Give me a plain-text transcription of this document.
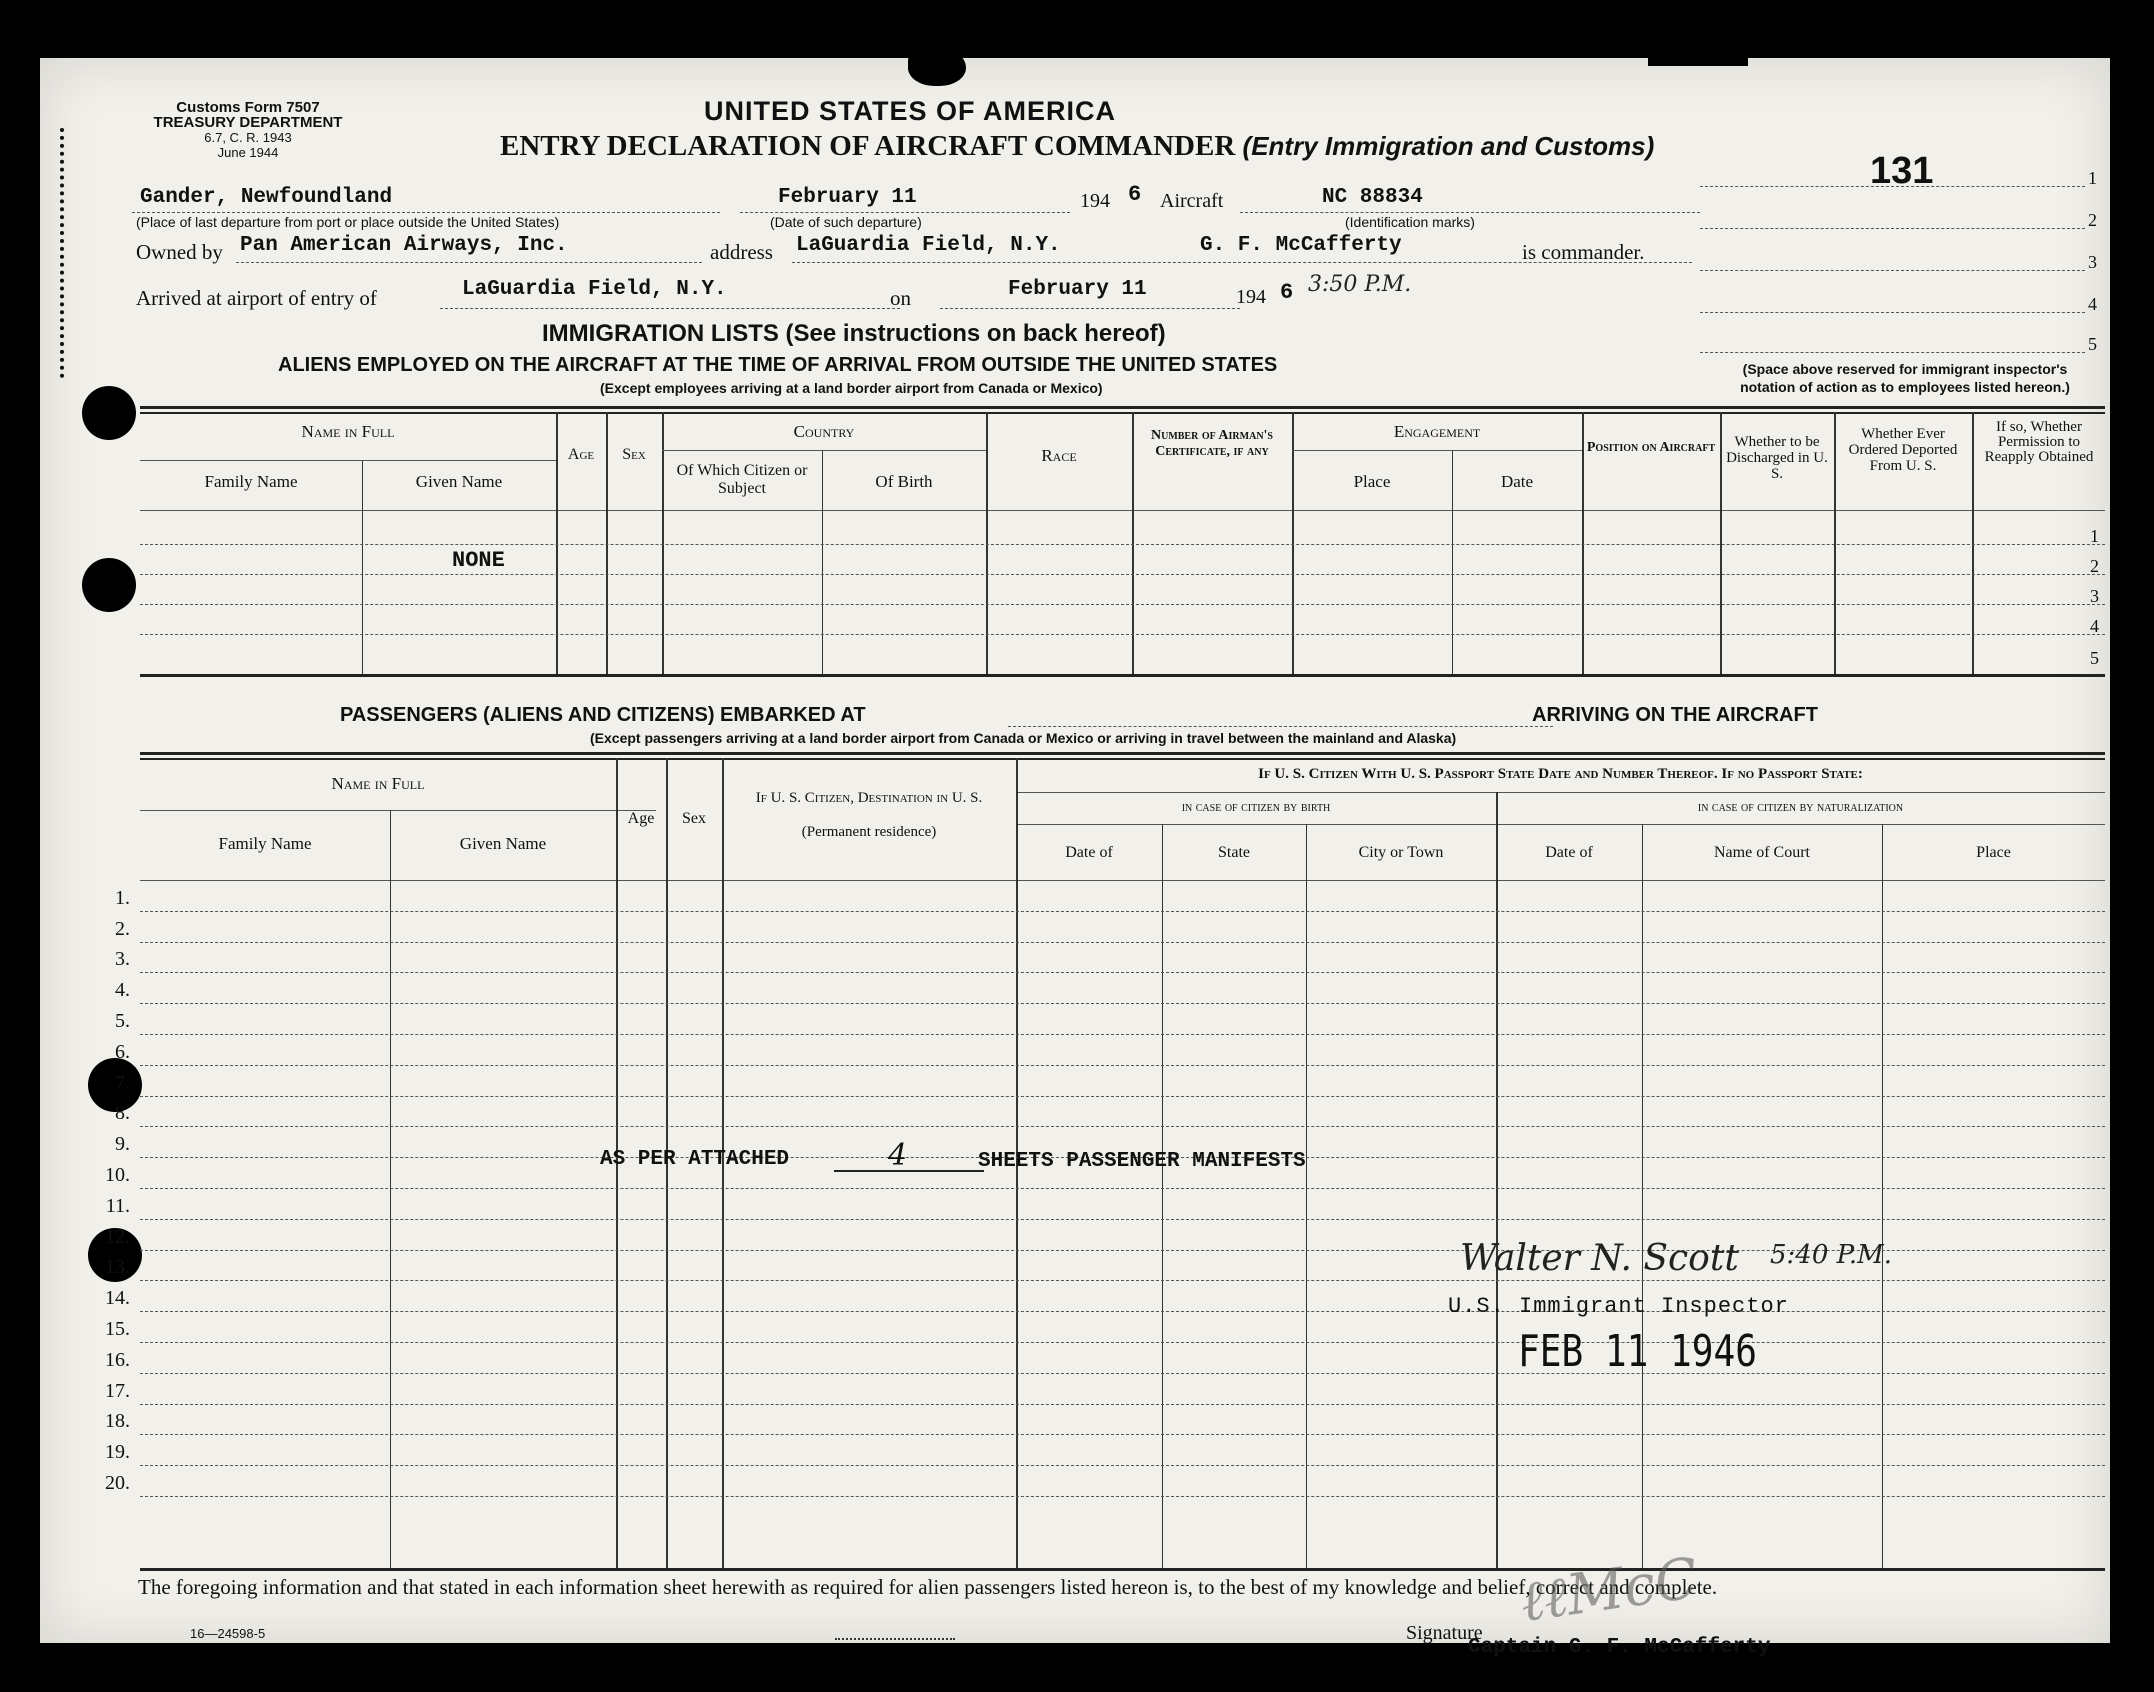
Customs Form 7507
TREASURY DEPARTMENT
6.7, C. R. 1943
June 1944
UNITED STATES OF AMERICA
ENTRY DECLARATION OF AIRCRAFT COMMANDER (Entry Immigration and Customs)
131	1
2
3
4
5
(Space above reserved for immigrant inspector's
notation of action as to employees listed hereon.)
Gander, Newfoundland
(Place of last departure from port or place outside the United States)
February 11
(Date of such departure)
194 6 Aircraft	NC 88834
(Identification marks)
Owned by Pan American Airways, Inc.	address LaGuardia Field, N.Y.	G. F. McCafferty	is commander.
Arrived at airport of entry of	LaGuardia Field, N.Y.	on	February 11	194 6 3:50 P.M.
IMMIGRATION LISTS (See instructions on back hereof)
ALIENS EMPLOYED ON THE AIRCRAFT AT THE TIME OF ARRIVAL FROM OUTSIDE THE UNITED STATES
(Except employees arriving at a land border airport from Canada or Mexico)
Name in Full
Family Name	Given Name
Age	Sex
Country
Of Which Citizen or Subject	Of Birth
Race
Number of Airman's Certificate, if any
Engagement
Place	Date
Position on Aircraft	Whether to be Discharged in U. S.
Whether Ever Ordered Deported From U. S.
If so, Whether Permission to Reapply Obtained
NONE
1
2
3
4
5
PASSENGERS (ALIENS AND CITIZENS) EMBARKED AT	ARRIVING ON THE AIRCRAFT
(Except passengers arriving at a land border airport from Canada or Mexico or arriving in travel between the mainland and Alaska)
Name in Full
Family Name	Given Name
Age	Sex
If U. S. Citizen, Destination in U. S.
(Permanent residence)
If U. S. Citizen With U. S. Passport State Date and Number Thereof. If no Passport State:
in case of citizen by birth	in case of citizen by naturalization
Date of	State	City or Town	Date of	Name of Court	Place
1.
2.
3.
4.
5.
6.
7.
8.
9.
10.
11.
12.
13.
14.
15.
16.
17.
18.
19.
20.
AS PER ATTACHED	4	SHEETS PASSENGER MANIFESTS
Walter N. Scott 5:40 P.M.
U.S. Immigrant Inspector
FEB 11 1946
The foregoing information and that stated in each information sheet herewith as required for alien passengers listed hereon is, to the best of my knowledge and belief, correct and complete.
16—24598-5	Signature ℓℓMcC
Captain G. F. McCafferty
